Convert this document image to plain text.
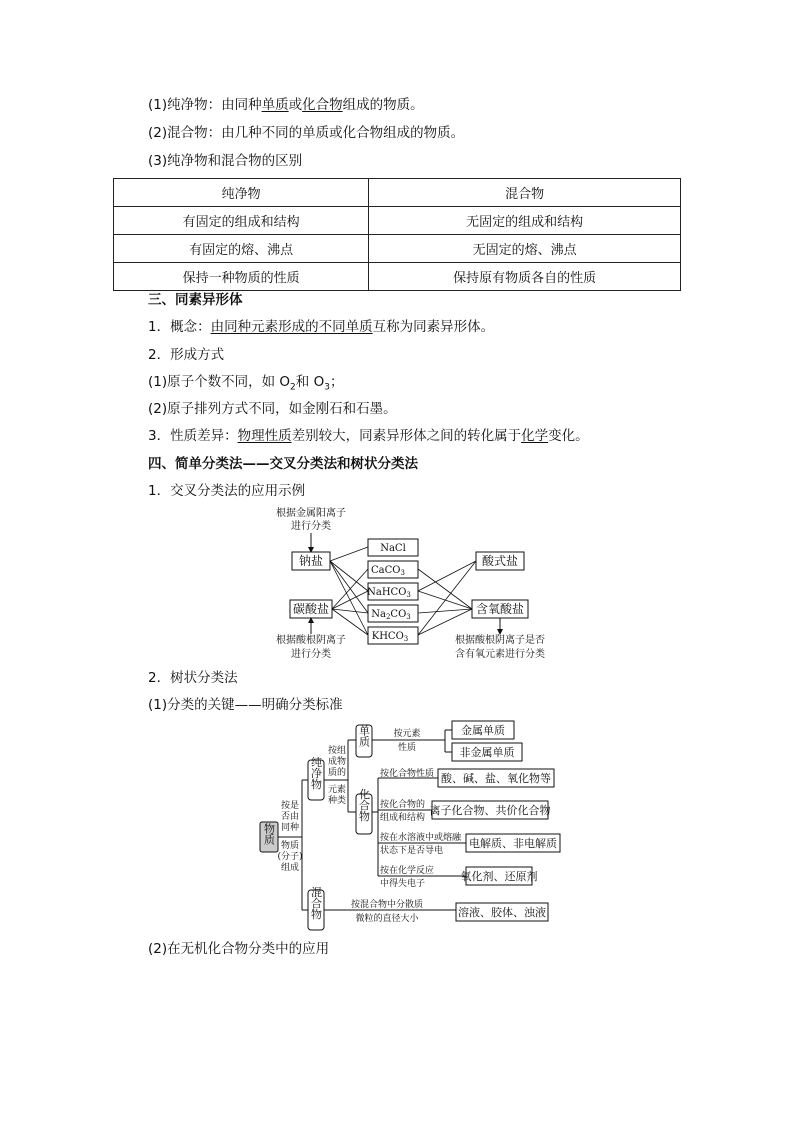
(1)纯净物：由同种单质或化合物组成的物质。
(2)混合物：由几种不同的单质或化合物组成的物质。
(3)纯净物和混合物的区别
纯净物	混合物
有固定的组成和结构	无固定的组成和结构
有固定的熔、沸点	无固定的熔、沸点
保持一种物质的性质	保持原有物质各自的性质
三、同素异形体
1．概念：由同种元素形成的不同单质互称为同素异形体。
2．形成方式
(1)原子个数不同，如 $O_2$和 $O_3$；
(2)原子排列方式不同，如金刚石和石墨。
3．性质差异：物理性质差别较大，同素异形体之间的转化属于化学变化。
四、简单分类法——交叉分类法和树状分类法
1．交叉分类法的应用示例
根据金属阳离子
进行分类
钠盐
碳酸盐
根据酸根阴离子
进行分类
NaCl
CaCO$_3$
NaHCO$_3$
$Na_2CO_3$
$KHCO_3$
酸式盐
含氧酸盐
根据酸根阴离子是否
含有氧元素进行分类
2．树状分类法
(1)分类的关键——明确分类标准
物质
按是
否由
同种
物质
(分子)
组成
纯净物
混合物
按组
成物
质的
元素
种类
单质	按元素
性质
金属单质
非金属单质
化合物
按化合物性质
按化合物的
组成和结构
按在水溶液中或熔融
状态下是否导电
按在化学反应
中得失电子
酸、碱、盐、氧化物等
离子化合物、共价化合物
电解质、非电解质
氧化剂、还原剂
按混合物中分散质
微粒的直径大小	溶液、胶体、浊液
(2)在无机化合物分类中的应用
